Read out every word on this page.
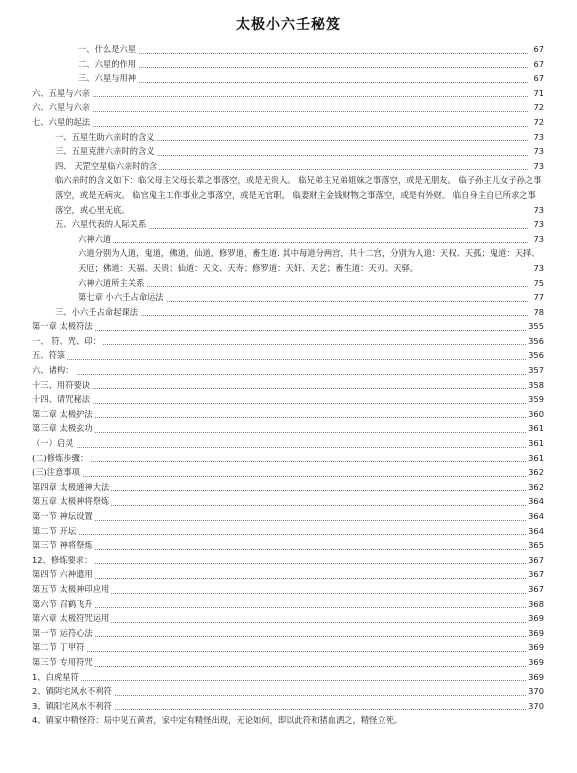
太极小六壬秘笈
一、什么是六星	67
二、六星的作用	67
三、六星与用神	67
六、五星与六亲	71
六、六星与六亲	72
七、六星的起法	72
一、五星生助六亲时的含义	73
三、五星克泄六亲时的含义	73
四、 天罡空星临六亲时的含	73
临六亲时的含义如下：临父母主父母长辈之事落空，或是无贵人。 临兄弟主兄弟姐妹之事落空，或是无朋友。 临子孙主儿女子孙之事落空，或是无病灾。 临官鬼主工作事业之事落空，或是无官职。 临妻财主金钱财物之事落空，或是有外财。 临自身主自已所求之事落空，或心里无底。	73
五、六星代表的人际关系	73
六神六道	73
六道分别为人道，鬼道，佛道，仙道，修罗道，畜生道. 其中每道分两宫，共十二宫，分别为人道：天权、天孤；鬼道：天择、天厄；佛道：天福、天贵；仙道：天文、天寿；修罗道：天奸、天艺；畜生道：天刃、天驿。	73
六神六道所主关系	75
第七章 小六壬占命运法	77
三、小六壬占命起课法	78
第一章 太极符法	355
一、 符、咒、印：	356
五、符箓	356
六、诸构：	357
十三、用符要诀	358
十四、请咒秘法	359
第二章 太极护法	360
第三章 太极玄功	361
（一）启灵	361
(二)修炼步骤：	361
(三)注意事项	362
第四章 太极通神大法	362
第五章 太极神将祭炼	364
第一节 神坛设置	364
第二节 开坛	364
第三节 神将祭炼	365
12、修炼要求：	367
第四节 六神遣用	367
第五节 太极神印应用	367
第六节 召鹤飞升	368
第六章 太极符咒运用	369
第一节 运符心法	369
第二节 丁甲符	369
第三节 专用符咒	369
1、白虎星符	369
2、镇阴宅风水不利符	370
3、镇阳宅风水不利符	370
4、镇家中精怪符：局中见五黄者，家中定有精怪出现，无论如何，即以此符和猪血洒之，精怪立死。
